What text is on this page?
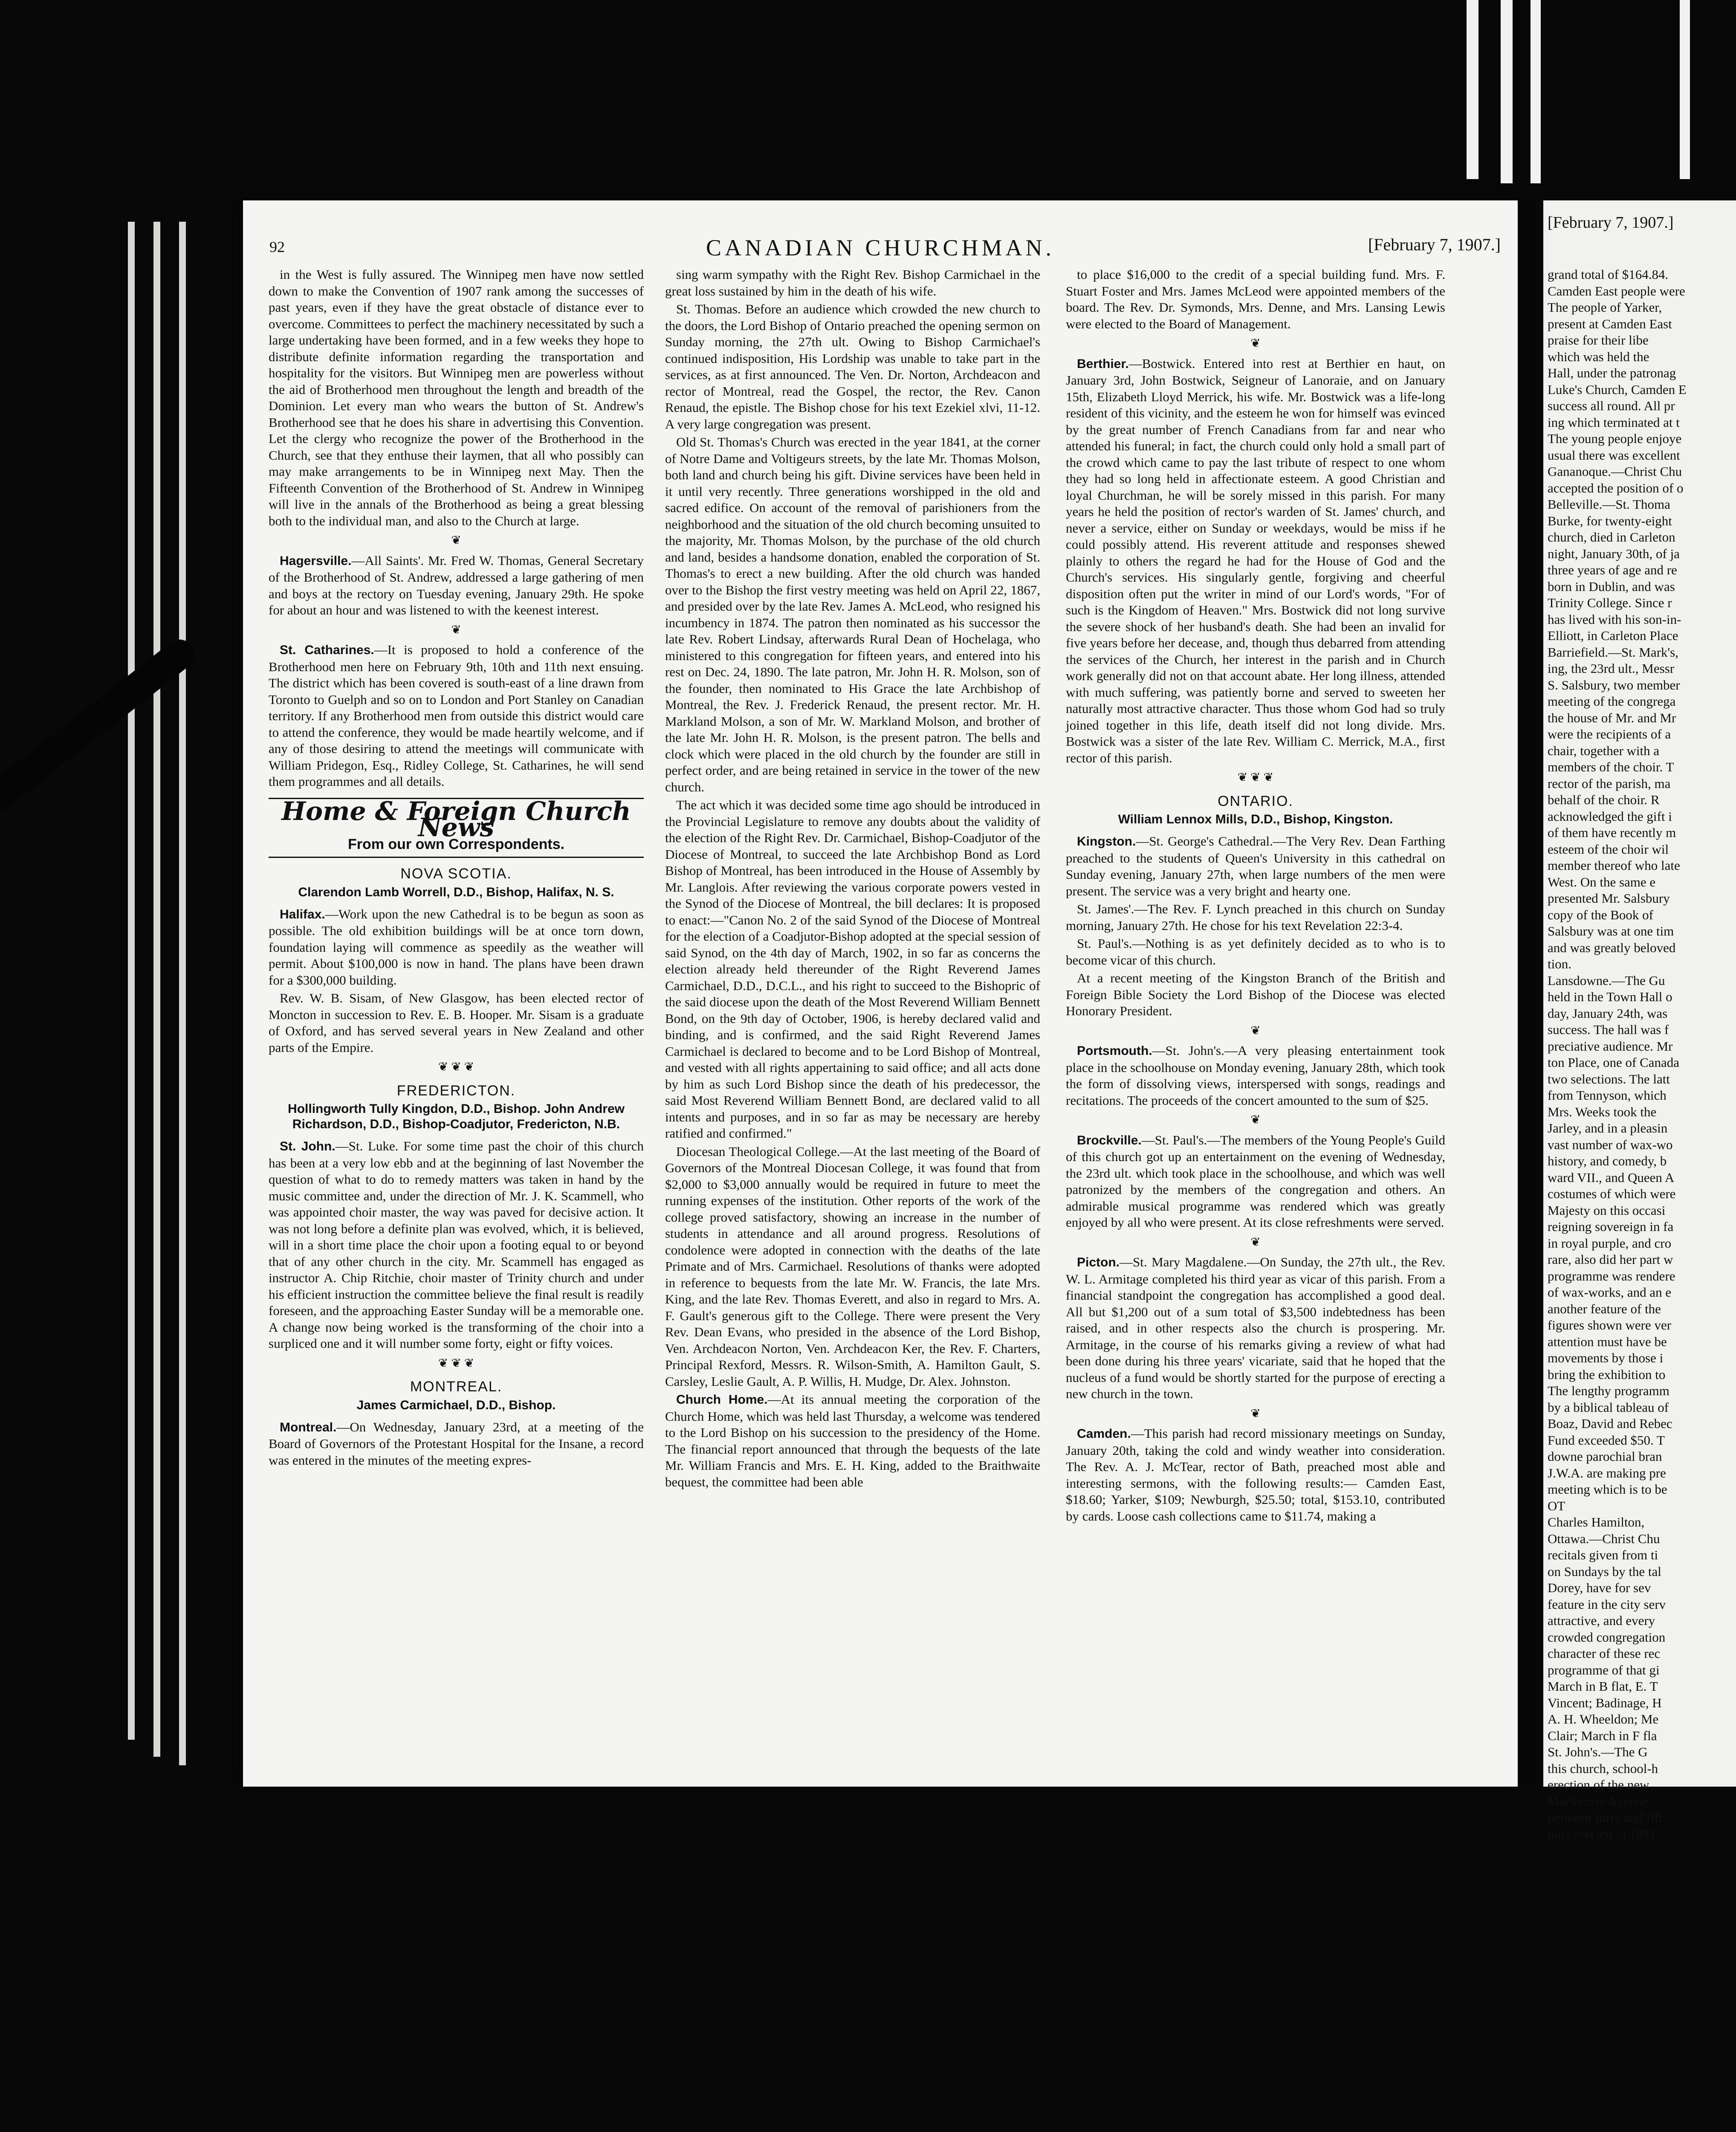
92	CANADIAN CHURCHMAN.	[February 7, 1907.]

in the West is fully assured. The Winnipeg men have now settled down to make the Convention of 1907 rank among the successes of past years, even if they have the great obstacle of distance ever to overcome. Committees to perfect the machinery necessitated by such a large undertaking have been formed, and in a few weeks they hope to distribute definite information regarding the transportation and hospitality for the visitors. But Winnipeg men are powerless without the aid of Brotherhood men throughout the length and breadth of the Dominion. Let every man who wears the button of St. Andrew's Brotherhood see that he does his share in advertising this Convention. Let the clergy who recognize the power of the Brotherhood in the Church, see that they enthuse their laymen, that all who possibly can may make arrangements to be in Winnipeg next May. Then the Fifteenth Convention of the Brotherhood of St. Andrew in Winnipeg will live in the annals of the Brotherhood as being a great blessing both to the individual man, and also to the Church at large.

❦

Hagersville.—All Saints'. Mr. Fred W. Thomas, General Secretary of the Brotherhood of St. Andrew, addressed a large gathering of men and boys at the rectory on Tuesday evening, January 29th. He spoke for about an hour and was listened to with the keenest interest.

❦

St. Catharines.—It is proposed to hold a conference of the Brotherhood men here on February 9th, 10th and 11th next ensuing. The district which has been covered is south-east of a line drawn from Toronto to Guelph and so on to London and Port Stanley on Canadian territory. If any Brotherhood men from outside this district would care to attend the conference, they would be made heartily welcome, and if any of those desiring to attend the meetings will communicate with William Pridegon, Esq., Ridley College, St. Catharines, he will send them programmes and all details.

Home & Foreign Church News
From our own Correspondents.
NOVA SCOTIA.
Clarendon Lamb Worrell, D.D., Bishop, Halifax, N. S.

Halifax.—Work upon the new Cathedral is to be begun as soon as possible. The old exhibition buildings will be at once torn down, foundation laying will commence as speedily as the weather will permit. About $100,000 is now in hand. The plans have been drawn for a $300,000 building.

Rev. W. B. Sisam, of New Glasgow, has been elected rector of Moncton in succession to Rev. E. B. Hooper. Mr. Sisam is a graduate of Oxford, and has served several years in New Zealand and other parts of the Empire.

❦ ❦ ❦
FREDERICTON.
Hollingworth Tully Kingdon, D.D., Bishop. John Andrew Richardson, D.D., Bishop-Coadjutor, Fredericton, N.B.

St. John.—St. Luke. For some time past the choir of this church has been at a very low ebb and at the beginning of last November the question of what to do to remedy matters was taken in hand by the music committee and, under the direction of Mr. J. K. Scammell, who was appointed choir master, the way was paved for decisive action. It was not long before a definite plan was evolved, which, it is believed, will in a short time place the choir upon a footing equal to or beyond that of any other church in the city. Mr. Scammell has engaged as instructor A. Chip Ritchie, choir master of Trinity church and under his efficient instruction the committee believe the final result is readily foreseen, and the approaching Easter Sunday will be a memorable one. A change now being worked is the transforming of the choir into a surpliced one and it will number some forty, eight or fifty voices.

❦ ❦ ❦
MONTREAL.
James Carmichael, D.D., Bishop.

Montreal.—On Wednesday, January 23rd, at a meeting of the Board of Governors of the Protestant Hospital for the Insane, a record was entered in the minutes of the meeting expres-

sing warm sympathy with the Right Rev. Bishop Carmichael in the great loss sustained by him in the death of his wife.

St. Thomas. Before an audience which crowded the new church to the doors, the Lord Bishop of Ontario preached the opening sermon on Sunday morning, the 27th ult. Owing to Bishop Carmichael's continued indisposition, His Lordship was unable to take part in the services, as at first announced. The Ven. Dr. Norton, Archdeacon and rector of Montreal, read the Gospel, the rector, the Rev. Canon Renaud, the epistle. The Bishop chose for his text Ezekiel xlvi, 11-12. A very large congregation was present.

Old St. Thomas's Church was erected in the year 1841, at the corner of Notre Dame and Voltigeurs streets, by the late Mr. Thomas Molson, both land and church being his gift. Divine services have been held in it until very recently. Three generations worshipped in the old and sacred edifice. On account of the removal of parishioners from the neighborhood and the situation of the old church becoming unsuited to the majority, Mr. Thomas Molson, by the purchase of the old church and land, besides a handsome donation, enabled the corporation of St. Thomas's to erect a new building. After the old church was handed over to the Bishop the first vestry meeting was held on April 22, 1867, and presided over by the late Rev. James A. McLeod, who resigned his incumbency in 1874. The patron then nominated as his successor the late Rev. Robert Lindsay, afterwards Rural Dean of Hochelaga, who ministered to this congregation for fifteen years, and entered into his rest on Dec. 24, 1890. The late patron, Mr. John H. R. Molson, son of the founder, then nominated to His Grace the late Archbishop of Montreal, the Rev. J. Frederick Renaud, the present rector. Mr. H. Markland Molson, a son of Mr. W. Markland Molson, and brother of the late Mr. John H. R. Molson, is the present patron. The bells and clock which were placed in the old church by the founder are still in perfect order, and are being retained in service in the tower of the new church.

The act which it was decided some time ago should be introduced in the Provincial Legislature to remove any doubts about the validity of the election of the Right Rev. Dr. Carmichael, Bishop-Coadjutor of the Diocese of Montreal, to succeed the late Archbishop Bond as Lord Bishop of Montreal, has been introduced in the House of Assembly by Mr. Langlois. After reviewing the various corporate powers vested in the Synod of the Diocese of Montreal, the bill declares: It is proposed to enact:—"Canon No. 2 of the said Synod of the Diocese of Montreal for the election of a Coadjutor-Bishop adopted at the special session of said Synod, on the 4th day of March, 1902, in so far as concerns the election already held thereunder of the Right Reverend James Carmichael, D.D., D.C.L., and his right to succeed to the Bishopric of the said diocese upon the death of the Most Reverend William Bennett Bond, on the 9th day of October, 1906, is hereby declared valid and binding, and is confirmed, and the said Right Reverend James Carmichael is declared to become and to be Lord Bishop of Montreal, and vested with all rights appertaining to said office; and all acts done by him as such Lord Bishop since the death of his predecessor, the said Most Reverend William Bennett Bond, are declared valid to all intents and purposes, and in so far as may be necessary are hereby ratified and confirmed."

Diocesan Theological College.—At the last meeting of the Board of Governors of the Montreal Diocesan College, it was found that from $2,000 to $3,000 annually would be required in future to meet the running expenses of the institution. Other reports of the work of the college proved satisfactory, showing an increase in the number of students in attendance and all around progress. Resolutions of condolence were adopted in connection with the deaths of the late Primate and of Mrs. Carmichael. Resolutions of thanks were adopted in reference to bequests from the late Mr. W. Francis, the late Mrs. King, and the late Rev. Thomas Everett, and also in regard to Mrs. A. F. Gault's generous gift to the College. There were present the Very Rev. Dean Evans, who presided in the absence of the Lord Bishop, Ven. Archdeacon Norton, Ven. Archdeacon Ker, the Rev. F. Charters, Principal Rexford, Messrs. R. Wilson-Smith, A. Hamilton Gault, S. Carsley, Leslie Gault, A. P. Willis, H. Mudge, Dr. Alex. Johnston.

Church Home.—At its annual meeting the corporation of the Church Home, which was held last Thursday, a welcome was tendered to the Lord Bishop on his succession to the presidency of the Home. The financial report announced that through the bequests of the late Mr. William Francis and Mrs. E. H. King, added to the Braithwaite bequest, the committee had been able

to place $16,000 to the credit of a special building fund. Mrs. F. Stuart Foster and Mrs. James McLeod were appointed members of the board. The Rev. Dr. Symonds, Mrs. Denne, and Mrs. Lansing Lewis were elected to the Board of Management.

❦

Berthier.—Bostwick. Entered into rest at Berthier en haut, on January 3rd, John Bostwick, Seigneur of Lanoraie, and on January 15th, Elizabeth Lloyd Merrick, his wife. Mr. Bostwick was a life-long resident of this vicinity, and the esteem he won for himself was evinced by the great number of French Canadians from far and near who attended his funeral; in fact, the church could only hold a small part of the crowd which came to pay the last tribute of respect to one whom they had so long held in affectionate esteem. A good Christian and loyal Churchman, he will be sorely missed in this parish. For many years he held the position of rector's warden of St. James' church, and never a service, either on Sunday or weekdays, would be miss if he could possibly attend. His reverent attitude and responses shewed plainly to others the regard he had for the House of God and the Church's services. His singularly gentle, forgiving and cheerful disposition often put the writer in mind of our Lord's words, "For of such is the Kingdom of Heaven." Mrs. Bostwick did not long survive the severe shock of her husband's death. She had been an invalid for five years before her decease, and, though thus debarred from attending the services of the Church, her interest in the parish and in Church work generally did not on that account abate. Her long illness, attended with much suffering, was patiently borne and served to sweeten her naturally most attractive character. Thus those whom God had so truly joined together in this life, death itself did not long divide. Mrs. Bostwick was a sister of the late Rev. William C. Merrick, M.A., first rector of this parish.

❦ ❦ ❦
ONTARIO.
William Lennox Mills, D.D., Bishop, Kingston.

Kingston.—St. George's Cathedral.—The Very Rev. Dean Farthing preached to the students of Queen's University in this cathedral on Sunday evening, January 27th, when large numbers of the men were present. The service was a very bright and hearty one.

St. James'.—The Rev. F. Lynch preached in this church on Sunday morning, January 27th. He chose for his text Revelation 22:3-4.

St. Paul's.—Nothing is as yet definitely decided as to who is to become vicar of this church.

At a recent meeting of the Kingston Branch of the British and Foreign Bible Society the Lord Bishop of the Diocese was elected Honorary President.

❦

Portsmouth.—St. John's.—A very pleasing entertainment took place in the schoolhouse on Monday evening, January 28th, which took the form of dissolving views, interspersed with songs, readings and recitations. The proceeds of the concert amounted to the sum of $25.

❦

Brockville.—St. Paul's.—The members of the Young People's Guild of this church got up an entertainment on the evening of Wednesday, the 23rd ult. which took place in the schoolhouse, and which was well patronized by the members of the congregation and others. An admirable musical programme was rendered which was greatly enjoyed by all who were present. At its close refreshments were served.

❦

Picton.—St. Mary Magdalene.—On Sunday, the 27th ult., the Rev. W. L. Armitage completed his third year as vicar of this parish. From a financial standpoint the congregation has accomplished a good deal. All but $1,200 out of a sum total of $3,500 indebtedness has been raised, and in other respects also the church is prospering. Mr. Armitage, in the course of his remarks giving a review of what had been done during his three years' vicariate, said that he hoped that the nucleus of a fund would be shortly started for the purpose of erecting a new church in the town.

❦

Camden.—This parish had record missionary meetings on Sunday, January 20th, taking the cold and windy weather into consideration. The Rev. A. J. McTear, rector of Bath, preached most able and interesting sermons, with the following results:— Camden East, $18.60; Yarker, $109; Newburgh, $25.50; total, $153.10, contributed by cards. Loose cash collections came to $11.74, making a

[February 7, 1907.]
grand total of $164.84.
Camden East people were
The people of Yarker,
present at Camden East
praise for their libe
which was held the
Hall, under the patronag
Luke's Church, Camden E
success all round. All pr
ing which terminated at t
The young people enjoye
usual there was excellent
Gananoque.—Christ Chu
accepted the position of o
Belleville.—St. Thoma
Burke, for twenty-eight
church, died in Carleton
night, January 30th, of ja
three years of age and re
born in Dublin, and was
Trinity College. Since r
has lived with his son-in-
Elliott, in Carleton Place
Barriefield.—St. Mark's,
ing, the 23rd ult., Messr
S. Salsbury, two member
meeting of the congrega
the house of Mr. and Mr
were the recipients of a
chair, together with a
members of the choir. T
rector of the parish, ma
behalf of the choir. R
acknowledged the gift i
of them have recently m
esteem of the choir wil
member thereof who late
West. On the same e
presented Mr. Salsbury
copy of the Book of
Salsbury was at one tim
and was greatly beloved
tion.
Lansdowne.—The Gu
held in the Town Hall o
day, January 24th, was
success. The hall was f
preciative audience. Mr
ton Place, one of Canada
two selections. The latt
from Tennyson, which
Mrs. Weeks took the
Jarley, and in a pleasin
vast number of wax-wo
history, and comedy, b
ward VII., and Queen A
costumes of which were
Majesty on this occasi
reigning sovereign in fa
in royal purple, and cro
rare, also did her part w
programme was rendere
of wax-works, and an e
another feature of the
figures shown were ver
attention must have be
movements by those i
bring the exhibition to
The lengthy programm
by a biblical tableau of
Boaz, David and Rebec
Fund exceeded $50. T
downe parochial bran
J.W.A. are making pre
meeting which is to be
OT
Charles Hamilton,
Ottawa.—Christ Chu
recitals given from ti
on Sundays by the tal
Dorey, have for sev
feature in the city serv
attractive, and every
crowded congregation
character of these rec
programme of that gi
March in B flat, E. T
Vincent; Badinage, H
A. H. Wheeldon; Me
Clair; March in F fla
St. John's.—The G
this church, school-h
erection of the new
Mackenzie Avenue.
between forty and fift
only erected in 1891.
